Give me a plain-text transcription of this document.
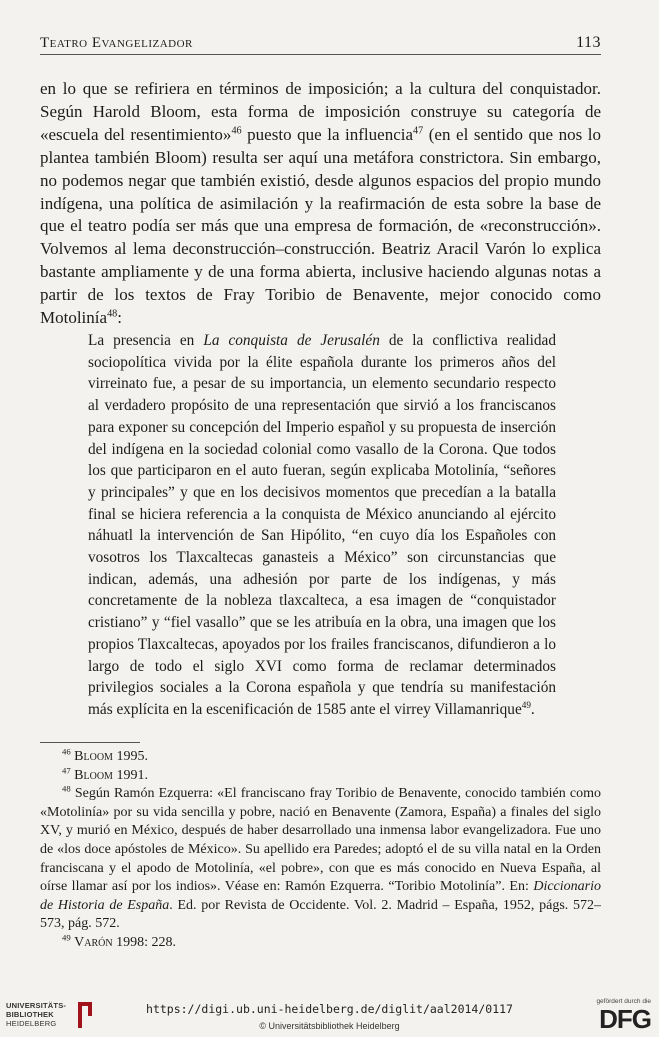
Teatro Evangelizador	113

en lo que se refiriera en términos de imposición; a la cultura del conquistador. Según Harold Bloom, esta forma de imposición construye su categoría de «escuela del resentimiento»$^{46}$ puesto que la influencia$^{47}$ (en el sentido que nos lo plantea también Bloom) resulta ser aquí una metáfora constrictora. Sin embargo, no podemos negar que también existió, desde algunos espacios del propio mundo indígena, una política de asimilación y la reafirmación de esta sobre la base de que el teatro podía ser más que una empresa de formación, de «reconstrucción». Volvemos al lema deconstrucción–construcción. Beatriz Aracil Varón lo explica bastante ampliamente y de una forma abierta, inclusive haciendo algunas notas a partir de los textos de Fray Toribio de Benavente, mejor conocido como Motolinía$^{48}$:

La presencia en La conquista de Jerusalén de la conflictiva realidad sociopolítica vivida por la élite española durante los primeros años del virreinato fue, a pesar de su importancia, un elemento secundario respecto al verdadero propósito de una representación que sirvió a los franciscanos para exponer su concepción del Imperio español y su propuesta de inserción del indígena en la sociedad colonial como vasallo de la Corona. Que todos los que participaron en el auto fueran, según explicaba Motolinía, “señores y principales” y que en los decisivos momentos que precedían a la batalla final se hiciera referencia a la conquista de México anunciando al ejército náhuatl la intervención de San Hipólito, “en cuyo día los Españoles con vosotros los Tlaxcaltecas ganasteis a México” son circunstancias que indican, además, una adhesión por parte de los indígenas, y más concretamente de la nobleza tlaxcalteca, a esa imagen de “conquistador cristiano” y “fiel vasallo” que se les atribuía en la obra, una imagen que los propios Tlaxcaltecas, apoyados por los frailes franciscanos, difundieron a lo largo de todo el siglo XVI como forma de reclamar determinados privilegios sociales a la Corona española y que tendría su manifestación más explícita en la escenificación de 1585 ante el virrey Villamanrique$^{49}$.

$^{46}$ Bloom 1995.

$^{47}$ Bloom 1991.

$^{48}$ Según Ramón Ezquerra: «El franciscano fray Toribio de Benavente, conocido también como «Motolinía» por su vida sencilla y pobre, nació en Benavente (Zamora, España) a finales del siglo XV, y murió en México, después de haber desarrollado una inmensa labor evangelizadora. Fue uno de «los doce apóstoles de México». Su apellido era Paredes; adoptó el de su villa natal en la Orden franciscana y el apodo de Motolinía, «el pobre», con que es más conocido en Nueva España, al oírse llamar así por los indios». Véase en: Ramón Ezquerra. “Toribio Motolinía”. En: Diccionario de Historia de España. Ed. por Revista de Occidente. Vol. 2. Madrid – España, 1952, págs. 572–573, pág. 572.

$^{49}$ Varón 1998: 228.

UNIVERSITÄTS-
BIBLIOTHEK
HEIDELBERG
https://digi.ub.uni-heidelberg.de/diglit/aal2014/0117
© Universitätsbibliothek Heidelberg
gefördert durch die
DFG
